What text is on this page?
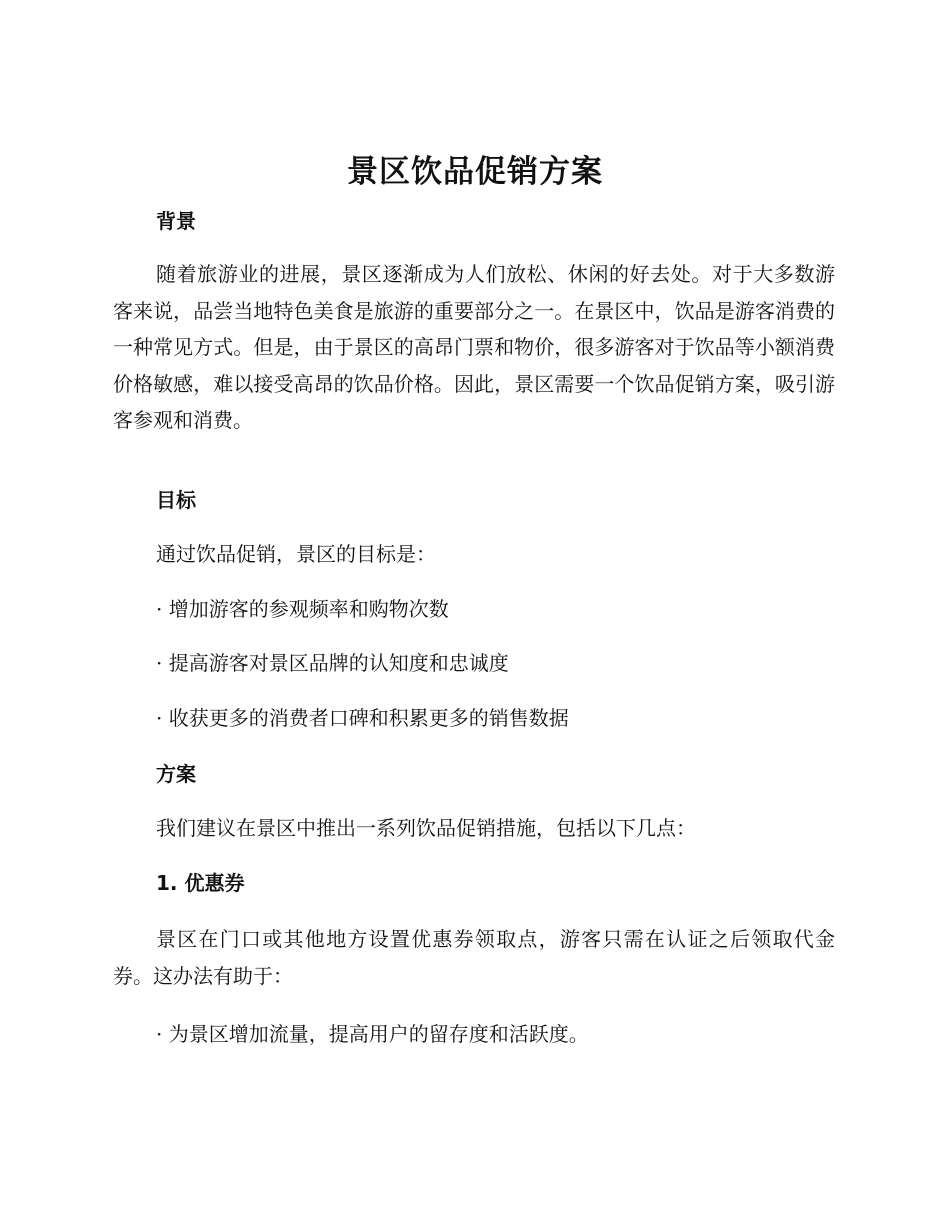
景区饮品促销方案
背景

随着旅游业的进展，景区逐渐成为人们放松、休闲的好去处。对于大多数游客来说，品尝当地特色美食是旅游的重要部分之一。在景区中，饮品是游客消费的一种常见方式。但是，由于景区的高昂门票和物价，很多游客对于饮品等小额消费价格敏感，难以接受高昂的饮品价格。因此，景区需要一个饮品促销方案，吸引游客参观和消费。

目标

通过饮品促销，景区的目标是：

· 增加游客的参观频率和购物次数

· 提高游客对景区品牌的认知度和忠诚度

· 收获更多的消费者口碑和积累更多的销售数据

方案

我们建议在景区中推出一系列饮品促销措施，包括以下几点：

1. 优惠券

景区在门口或其他地方设置优惠券领取点，游客只需在认证之后领取代金券。这办法有助于：

· 为景区增加流量，提高用户的留存度和活跃度。
